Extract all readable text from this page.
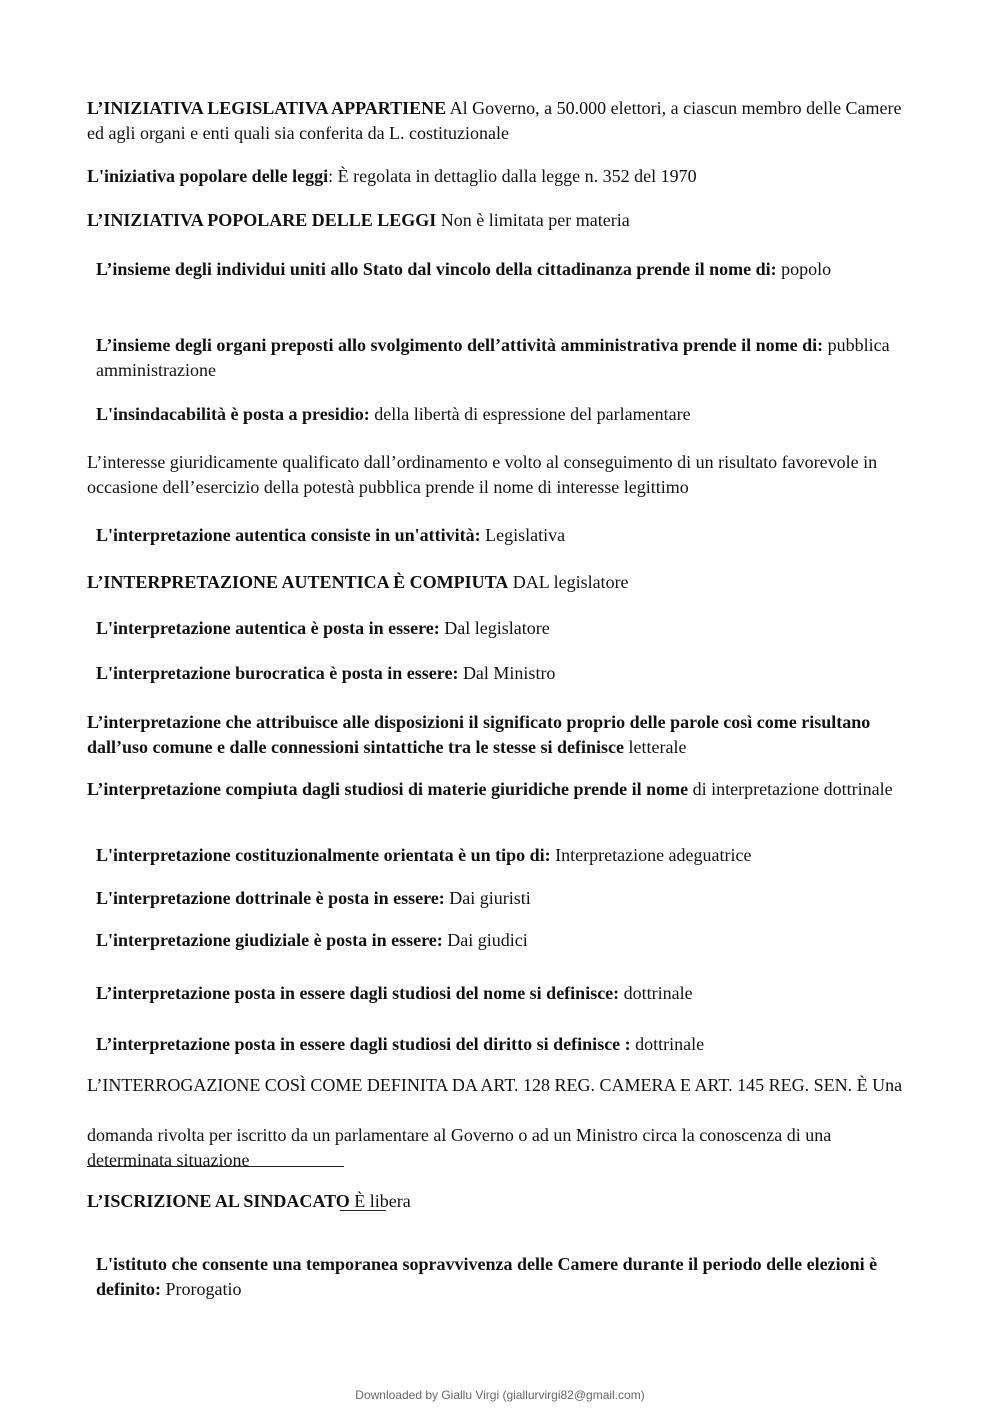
L’INIZIATIVA LEGISLATIVA APPARTIENE Al Governo, a 50.000 elettori, a ciascun membro delle Camere ed agli organi e enti quali sia conferita da L. costituzionale

L'iniziativa popolare delle leggi: È regolata in dettaglio dalla legge n. 352 del 1970

L’INIZIATIVA POPOLARE DELLE LEGGI Non è limitata per materia

L’insieme degli individui uniti allo Stato dal vincolo della cittadinanza prende il nome di: popolo

L’insieme degli organi preposti allo svolgimento dell’attività amministrativa prende il nome di: pubblica amministrazione

L'insindacabilità è posta a presidio: della libertà di espressione del parlamentare

L’interesse giuridicamente qualificato dall’ordinamento e volto al conseguimento di un risultato favorevole in occasione dell’esercizio della potestà pubblica prende il nome di interesse legittimo

L'interpretazione autentica consiste in un'attività: Legislativa

L’INTERPRETAZIONE AUTENTICA È COMPIUTA DAL legislatore

L'interpretazione autentica è posta in essere: Dal legislatore

L'interpretazione burocratica è posta in essere: Dal Ministro

L’interpretazione che attribuisce alle disposizioni il significato proprio delle parole così come risultano dall’uso comune e dalle connessioni sintattiche tra le stesse si definisce letterale

L’interpretazione compiuta dagli studiosi di materie giuridiche prende il nome di interpretazione dottrinale

L'interpretazione costituzionalmente orientata è un tipo di: Interpretazione adeguatrice

L'interpretazione dottrinale è posta in essere: Dai giuristi

L'interpretazione giudiziale è posta in essere: Dai giudici

L’interpretazione posta in essere dagli studiosi del nome si definisce: dottrinale

L’interpretazione posta in essere dagli studiosi del diritto si definisce : dottrinale

L’INTERROGAZIONE COSÌ COME DEFINITA DA ART. 128 REG. CAMERA E ART. 145 REG. SEN. È Una

domanda rivolta per iscritto da un parlamentare al Governo o ad un Ministro circa la conoscenza di una determinata situazione

L’ISCRIZIONE AL SINDACATO È libera

L'istituto che consente una temporanea sopravvivenza delle Camere durante il periodo delle elezioni è definito: Prorogatio

Downloaded by Giallu Virgi (giallurvirgi82@gmail.com)
